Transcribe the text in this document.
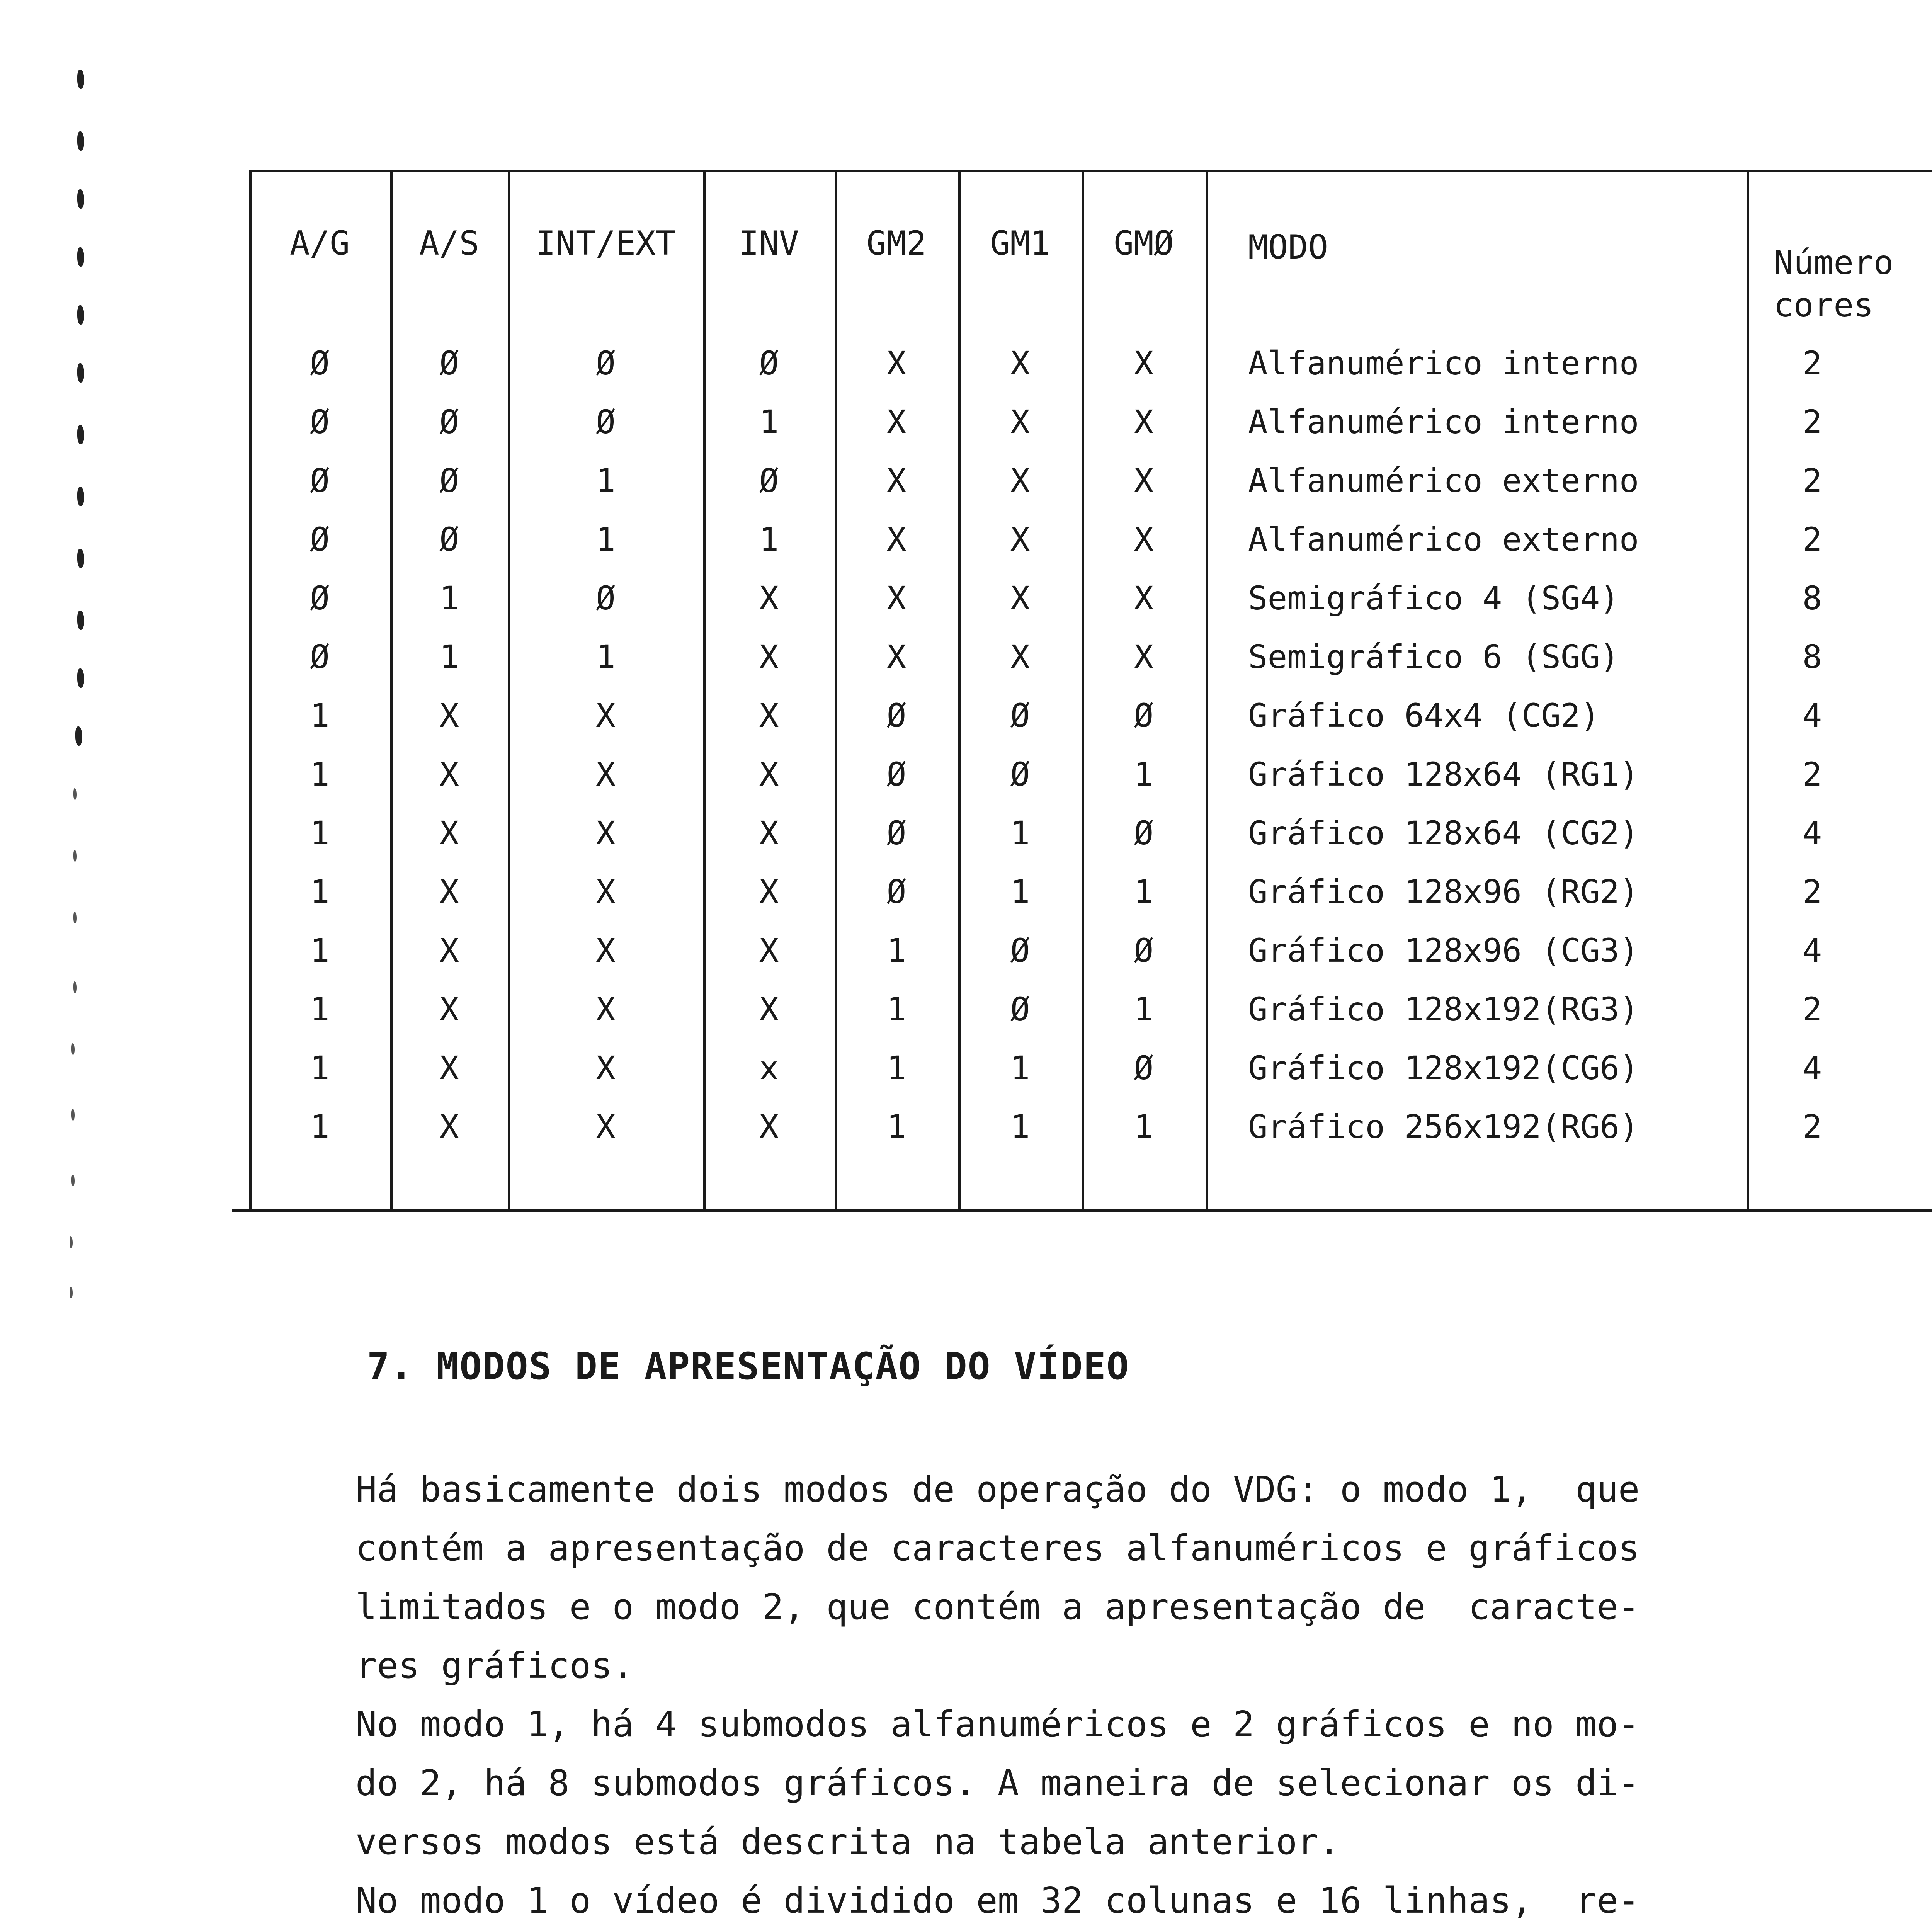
A/G	A/S	INT/EXT	INV	GM2	GM1	GMØ	MODO	Número
cores
Ø	Ø	Ø	Ø	X	X	X	Alfanumérico interno	2
Ø	Ø	Ø	1	X	X	X	Alfanumérico interno	2
Ø	Ø	1	Ø	X	X	X	Alfanumérico externo	2
Ø	Ø	1	1	X	X	X	Alfanumérico externo	2
Ø	1	Ø	X	X	X	X	Semigráfico 4 (SG4)	8
Ø	1	1	X	X	X	X	Semigráfico 6 (SGG)	8
1	X	X	X	Ø	Ø	Ø	Gráfico 64x4 (CG2)	4
1	X	X	X	Ø	Ø	1	Gráfico 128x64 (RG1)	2
1	X	X	X	Ø	1	Ø	Gráfico 128x64 (CG2)	4
1	X	X	X	Ø	1	1	Gráfico 128x96 (RG2)	2
1	X	X	X	1	Ø	Ø	Gráfico 128x96 (CG3)	4
1	X	X	X	1	Ø	1	Gráfico 128x192(RG3)	2
1	X	X	x	1	1	Ø	Gráfico 128x192(CG6)	4
1	X	X	X	1	1	1	Gráfico 256x192(RG6)	2
7. MODOS DE APRESENTAÇÃO DO VÍDEO
Há basicamente dois modos de operação do VDG: o modo 1,  que
contém a apresentação de caracteres alfanuméricos e gráficos
limitados e o modo 2, que contém a apresentação de  caracte-
res gráficos.
No modo 1, há 4 submodos alfanuméricos e 2 gráficos e no mo-
do 2, há 8 submodos gráficos. A maneira de selecionar os di-
versos modos está descrita na tabela anterior.
No modo 1 o vídeo é dividido em 32 colunas e 16 linhas,  re-
